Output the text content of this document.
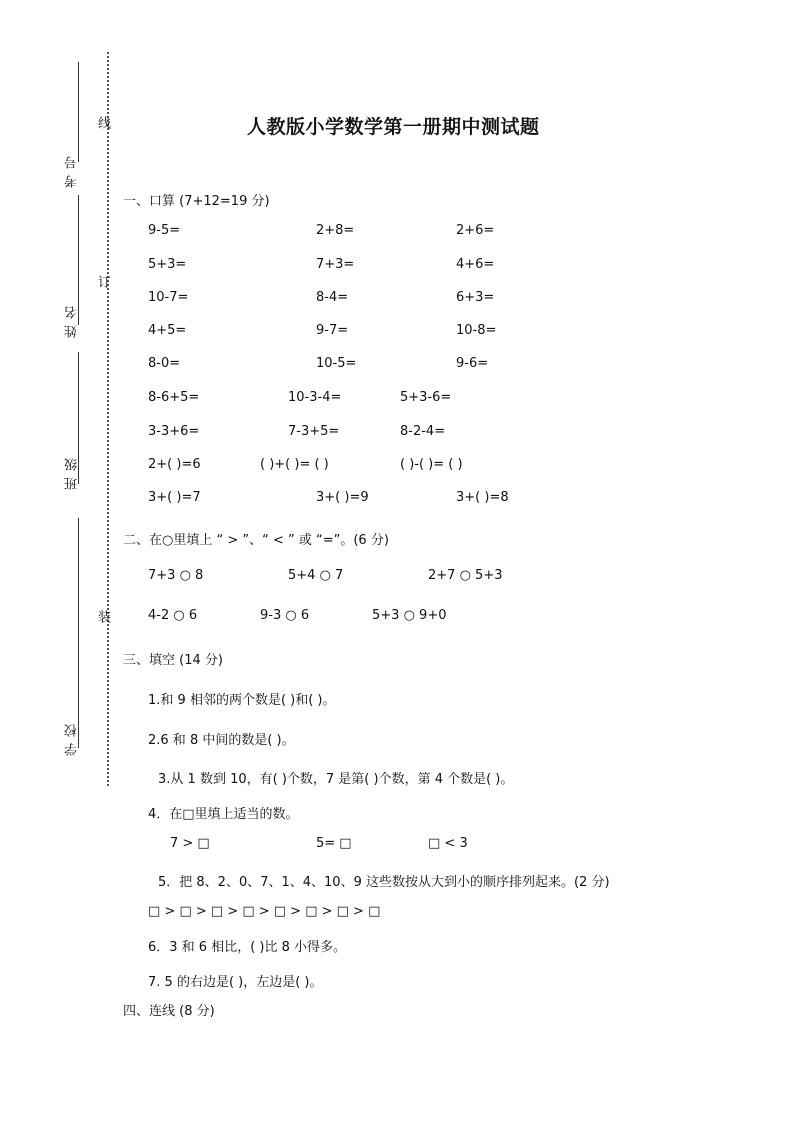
考号
姓名
班级
学校
线
订
装
人教版小学数学第一册期中测试题
一、口算 (7+12=19 分)
9-5=	2+8=	2+6=
5+3=	7+3=	4+6=
10-7=	8-4=	6+3=
4+5=	9-7=	10-8=
8-0=	10-5=	9-6=
8-6+5=	10-3-4=	5+3-6=
3-3+6=	7-3+5=	8-2-4=
2+( )=6	( )+( )= ( )	( )-( )= ( )
3+( )=7	3+( )=9	3+( )=8
二、在○里填上 “ > ”、“ < ” 或 “=”。(6 分)
7+3 ○ 8	5+4 ○ 7	2+7 ○ 5+3
4-2 ○ 6	9-3 ○ 6	5+3 ○ 9+0
三、填空 (14 分)
1.和 9 相邻的两个数是( )和( )。
2.6 和 8 中间的数是( )。
3.从 1 数到 10，有( )个数，7 是第( )个数，第 4 个数是( )。
4．在□里填上适当的数。
7 > □	5= □	□ < 3
5．把 8、2、0、7、1、4、10、9 这些数按从大到小的顺序排列起来。(2 分)
□ > □ > □ > □ > □ > □ > □ > □
6．3 和 6 相比，( )比 8 小得多。
7. 5 的右边是( )，左边是( )。
四、连线 (8 分)
